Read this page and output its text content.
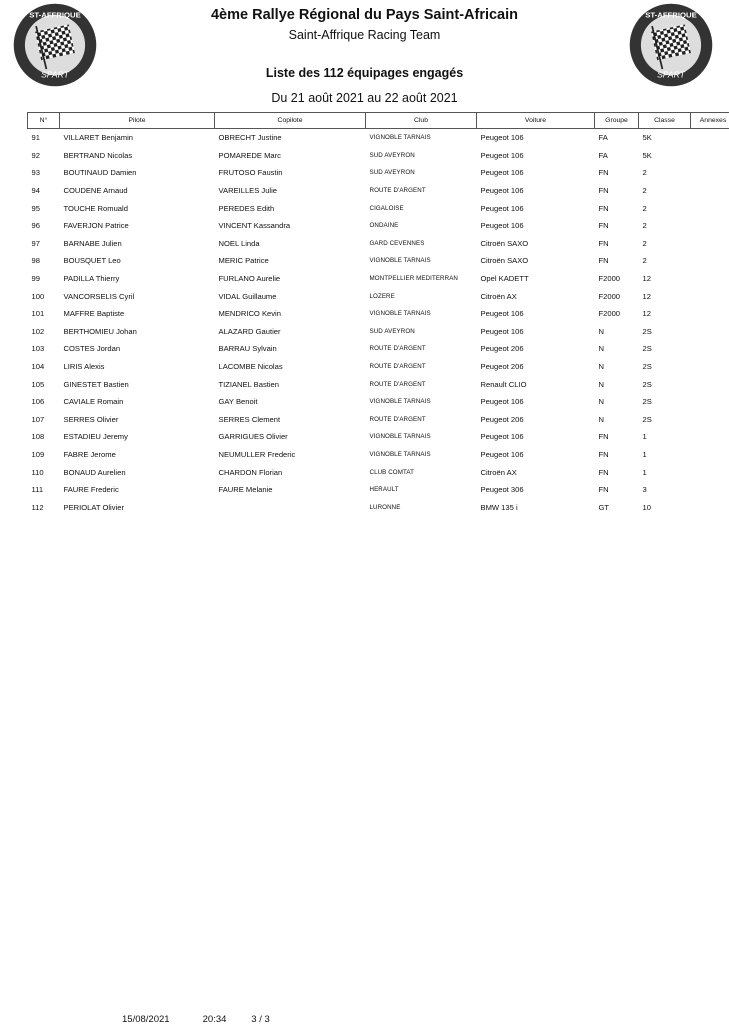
ST-AFFRIQUE
SPART
ST-AFFRIQUE
SPART
4ème Rallye Régional du Pays Saint-Africain
Saint-Affrique Racing Team
Liste des 112 équipages engagés
Du 21 août 2021 au 22 août 2021
N°	Pilote	Copilote	Club	Voiture	Groupe	Classe	Annexes
91	VILLARET Benjamin	OBRECHT Justine	VIGNOBLE TARNAIS	Peugeot 106	FA	5K	
92	BERTRAND Nicolas	POMAREDE Marc	SUD AVEYRON	Peugeot 106	FA	5K	
93	BOUTINAUD Damien	FRUTOSO Faustin	SUD AVEYRON	Peugeot 106	FN	2	
94	COUDENE Arnaud	VAREILLES Julie	ROUTE D'ARGENT	Peugeot 106	FN	2	
95	TOUCHE Romuald	PEREDES Edith	CIGALOISE	Peugeot 106	FN	2	
96	FAVERJON Patrice	VINCENT Kassandra	ONDAINE	Peugeot 106	FN	2	
97	BARNABE Julien	NOEL Linda	GARD CEVENNES	Citroën SAXO	FN	2	
98	BOUSQUET Leo	MERIC Patrice	VIGNOBLE TARNAIS	Citroën SAXO	FN	2	
99	PADILLA Thierry	FURLANO Aurelie	MONTPELLIER MEDITERRAN	Opel KADETT	F2000	12	
100	VANCORSELIS Cyril	VIDAL Guillaume	LOZERE	Citroën AX	F2000	12	
101	MAFFRE Baptiste	MENDRICO Kevin	VIGNOBLE TARNAIS	Peugeot 106	F2000	12	
102	BERTHOMIEU Johan	ALAZARD Gautier	SUD AVEYRON	Peugeot 106	N	2S	
103	COSTES Jordan	BARRAU Sylvain	ROUTE D'ARGENT	Peugeot 206	N	2S	
104	LIRIS Alexis	LACOMBE Nicolas	ROUTE D'ARGENT	Peugeot 206	N	2S	
105	GINESTET Bastien	TIZIANEL Bastien	ROUTE D'ARGENT	Renault CLIO	N	2S	
106	CAVIALE Romain	GAY Benoit	VIGNOBLE TARNAIS	Peugeot 106	N	2S	
107	SERRES Olivier	SERRES Clement	ROUTE D'ARGENT	Peugeot 206	N	2S	
108	ESTADIEU Jeremy	GARRIGUES Olivier	VIGNOBLE TARNAIS	Peugeot 106	FN	1	
109	FABRE Jerome	NEUMULLER Frederic	VIGNOBLE TARNAIS	Peugeot 106	FN	1	
110	BONAUD Aurelien	CHARDON Florian	CLUB COMTAT	Citroën AX	FN	1	
111	FAURE Frederic	FAURE Melanie	HERAULT	Peugeot 306	FN	3	
112	PERIOLAT Olivier		LURONNE	BMW 135 i	GT	10	
15/08/2021	20:34	3 / 3
